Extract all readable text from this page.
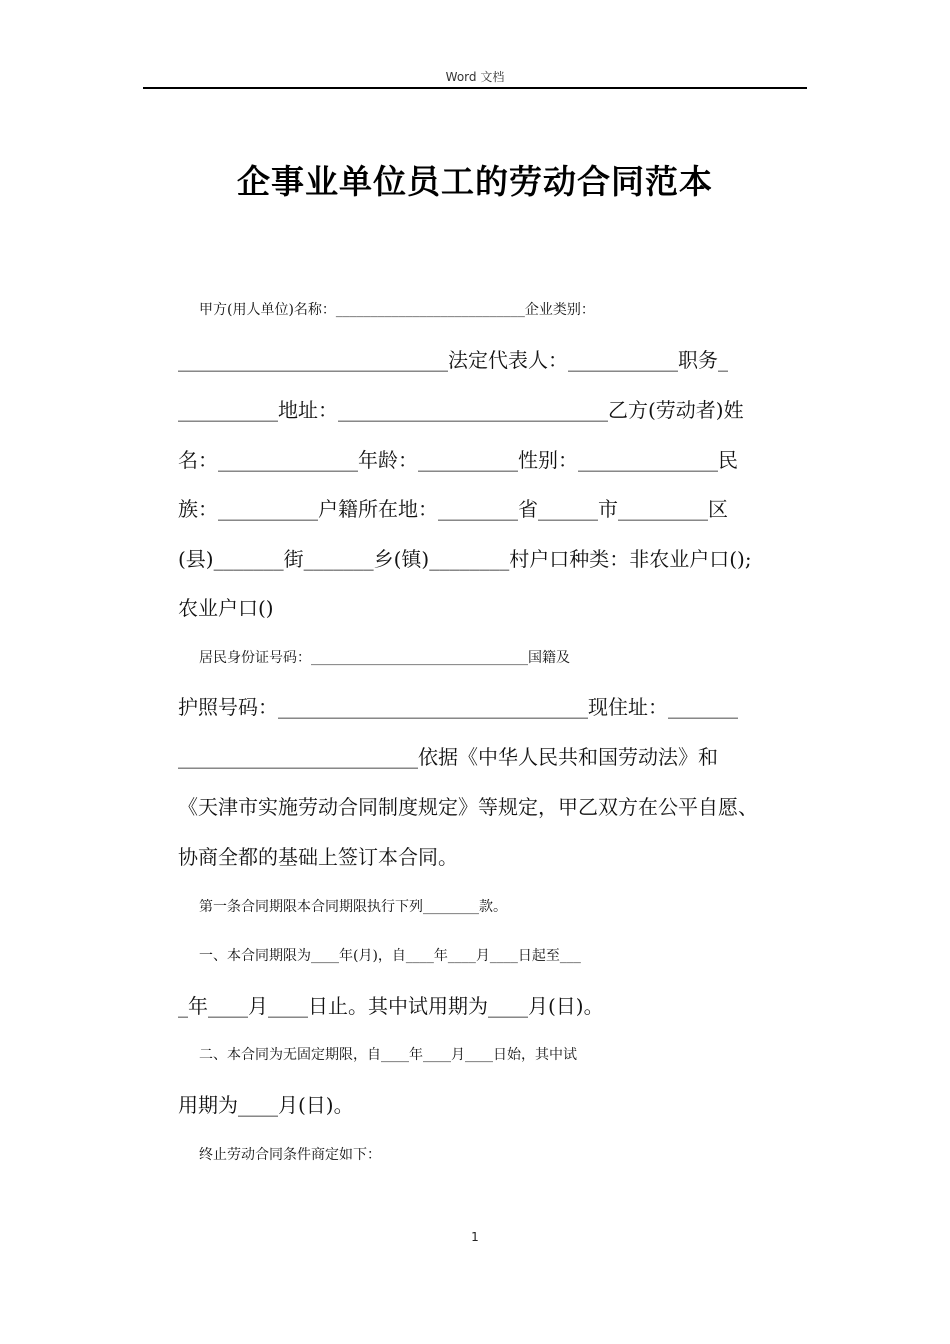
Word 文档
企事业单位员工的劳动合同范本
甲方(用人单位)名称：___________________________企业类别：
___________________________法定代表人：___________职务_
__________地址：___________________________乙方(劳动者)姓
名：______________年龄：__________性别：______________民
族：__________户籍所在地：________省______市_________区
(县)_______街_______乡(镇)________村户口种类：非农业户口();
农业户口()
居民身份证号码：_______________________________国籍及
护照号码：_______________________________现住址：_______
________________________依据《中华人民共和国劳动法》和
《天津市实施劳动合同制度规定》等规定，甲乙双方在公平自愿、
协商全都的基础上签订本合同。
第一条合同期限本合同期限执行下列________款。
一、本合同期限为____年(月)，自____年____月____日起至___
_年____月____日止。其中试用期为____月(日)。
二、本合同为无固定期限，自____年____月____日始，其中试
用期为____月(日)。
终止劳动合同条件商定如下：
1
